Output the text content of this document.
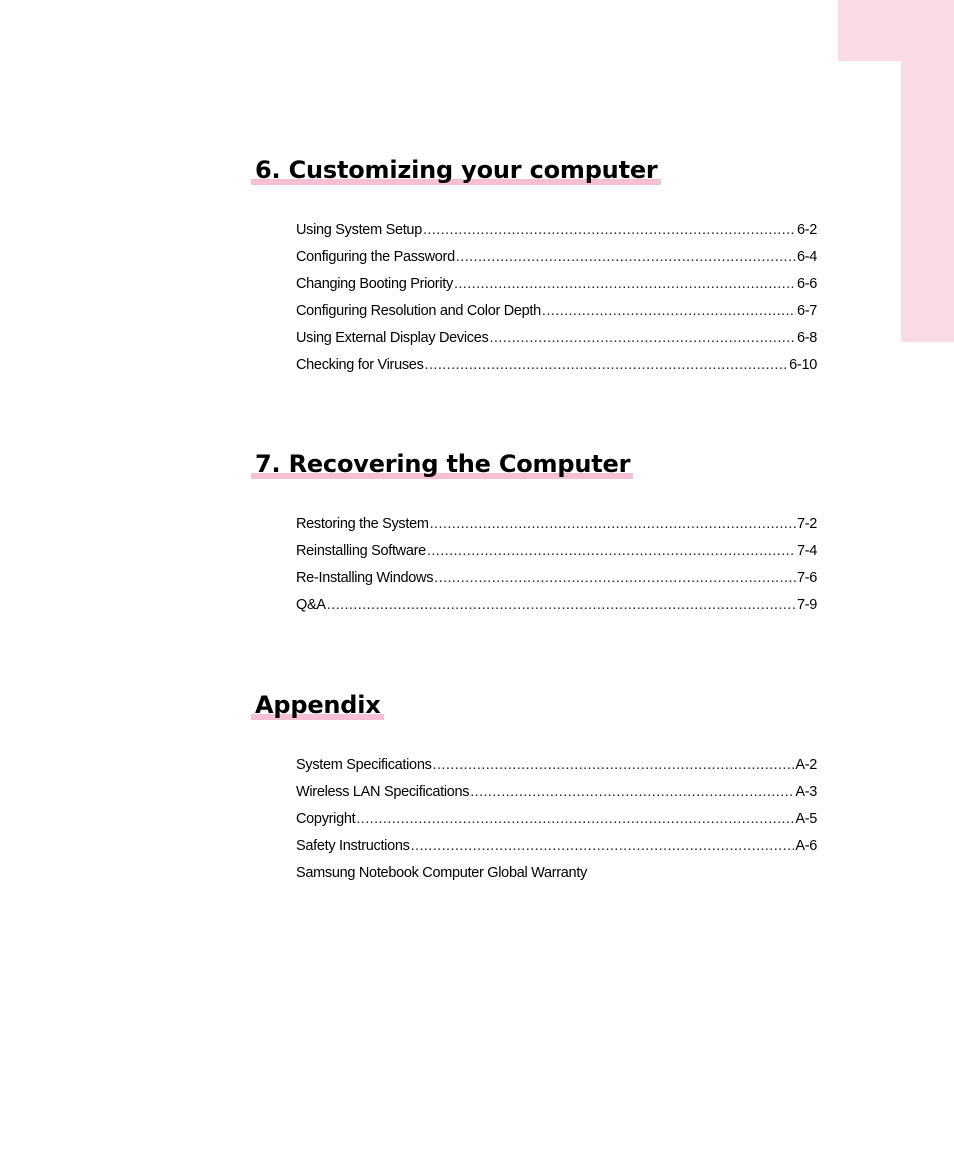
6. Customizing your computer
Using System Setup .....	6-2
Configuring the Password .....	6-4
Changing Booting Priority .....	6-6
Configuring Resolution and Color Depth .....	6-7
Using External Display Devices .....	6-8
Checking for Viruses .....	6-10
7. Recovering the Computer
Restoring the System .....	7-2
Reinstalling Software .....	7-4
Re-Installing Windows .....	7-6
Q&A .....	7-9
Appendix
System Specifications .....	A-2
Wireless LAN Specifications .....	A-3
Copyright .....	A-5
Safety Instructions .....	A-6
Samsung Notebook Computer Global Warranty
